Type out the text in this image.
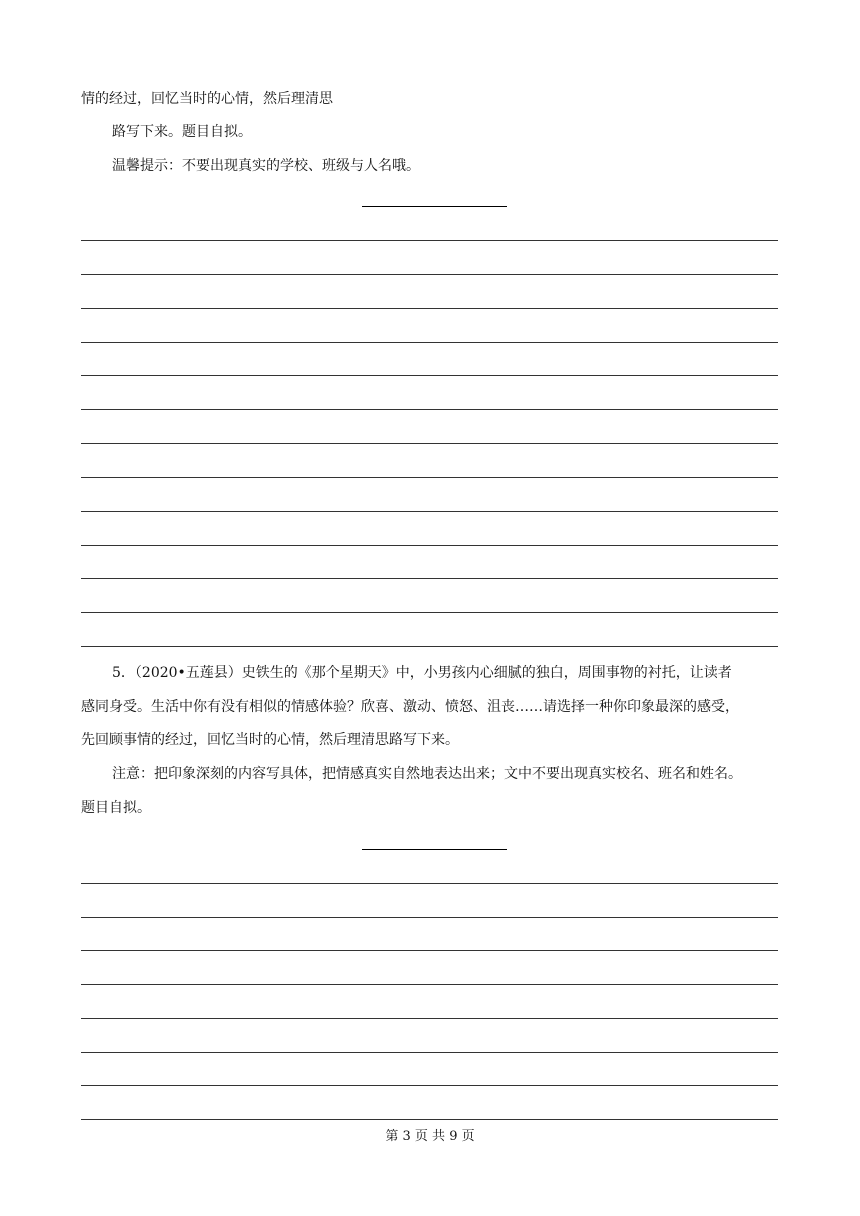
情的经过，回忆当时的心情，然后理清思
路写下来。题目自拟。
温馨提示：不要出现真实的学校、班级与人名哦。
5．（2020•五莲县）史铁生的《那个星期天》中，小男孩内心细腻的独白，周围事物的衬托，让读者
感同身受。生活中你有没有相似的情感体验？欣喜、激动、愤怒、沮丧……请选择一种你印象最深的感受，
先回顾事情的经过，回忆当时的心情，然后理清思路写下来。
注意：把印象深刻的内容写具体，把情感真实自然地表达出来；文中不要出现真实校名、班名和姓名。
题目自拟。
第 3 页 共 9 页
